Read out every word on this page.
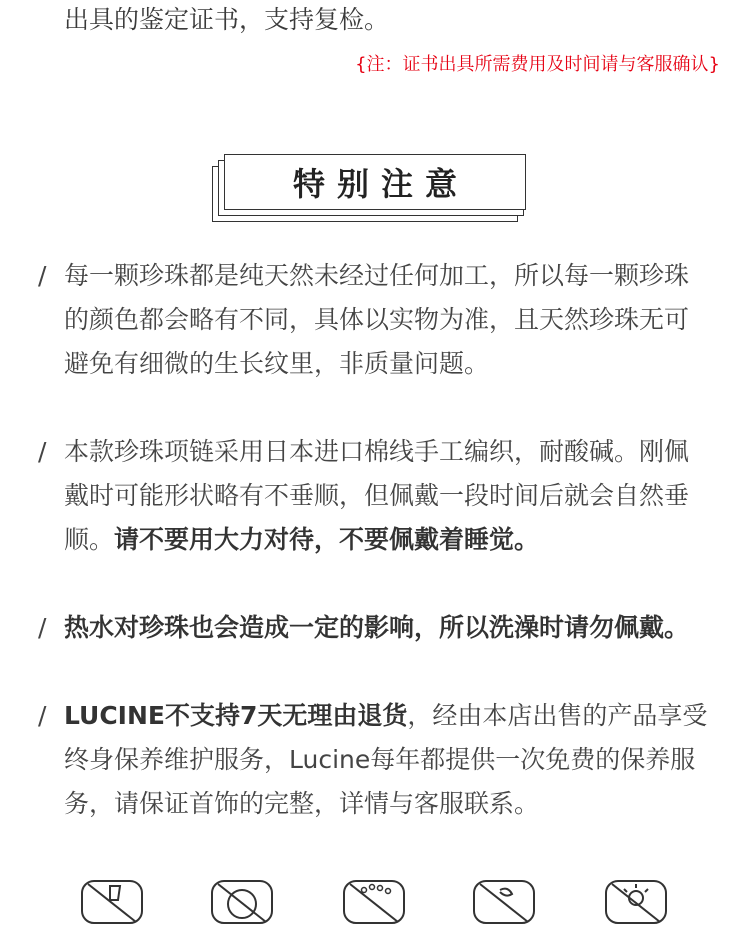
出具的鉴定证书，支持复检。
{注：证书出具所需费用及时间请与客服确认}
特别注意
/ 每一颗珍珠都是纯天然未经过任何加工，所以每一颗珍珠
的颜色都会略有不同，具体以实物为准，且天然珍珠无可
避免有细微的生长纹里，非质量问题。
/ 本款珍珠项链采用日本进口棉线手工编织，耐酸碱。刚佩
戴时可能形状略有不垂顺，但佩戴一段时间后就会自然垂
顺。请不要用大力对待，不要佩戴着睡觉。
/ 热水对珍珠也会造成一定的影响，所以洗澡时请勿佩戴。
/ LUCINE不支持7天无理由退货，经由本店出售的产品享受
终身保养维护服务，Lucine每年都提供一次免费的保养服
务，请保证首饰的完整，详情与客服联系。
